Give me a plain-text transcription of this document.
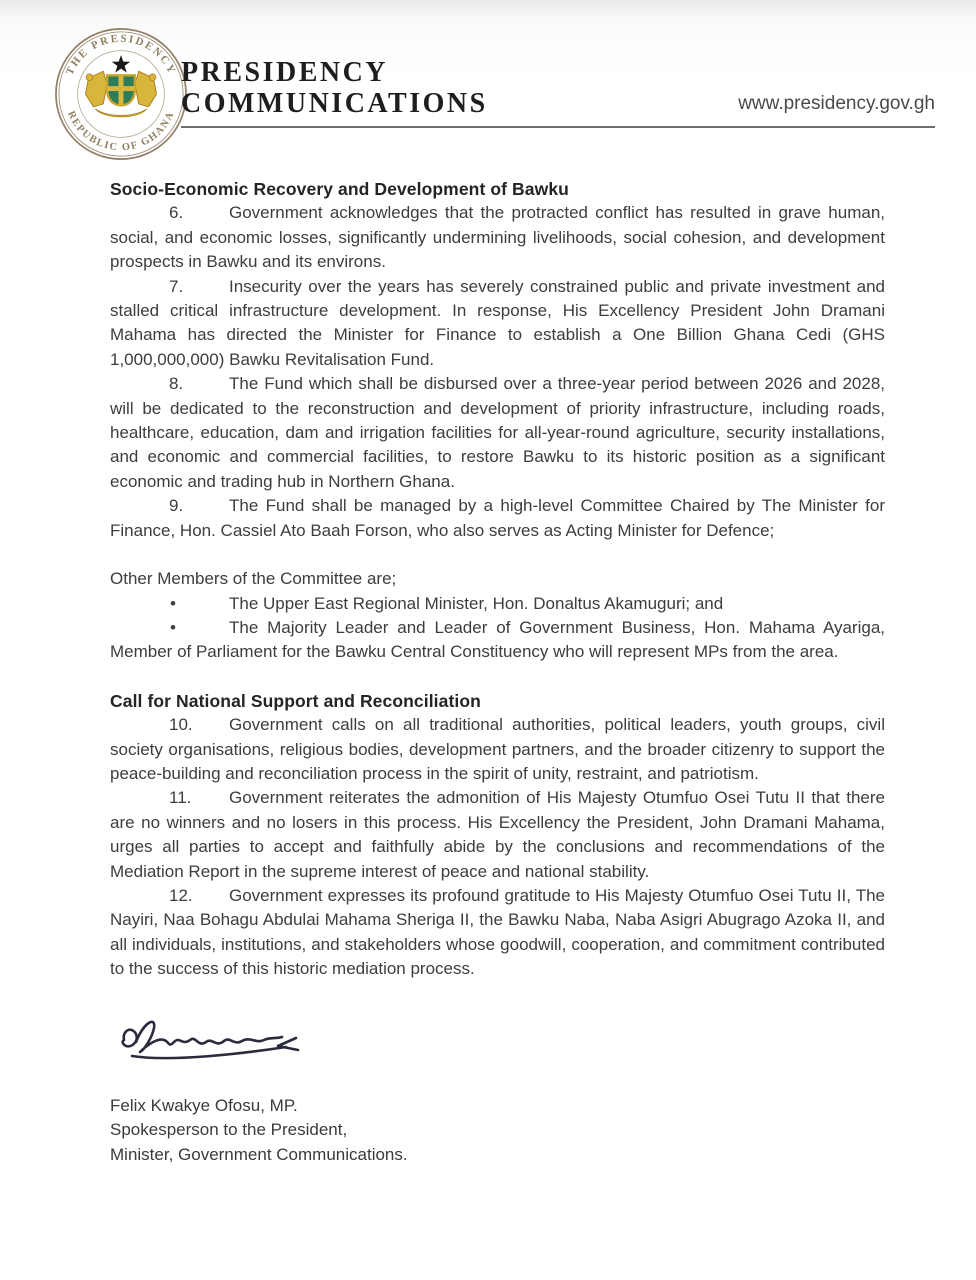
THE PRESIDENCY
REPUBLIC OF GHANA
PRESIDENCY
COMMUNICATIONS	www.presidency.gov.gh
Socio-Economic Recovery and Development of Bawku

6.	Government acknowledges that the protracted conflict has resulted in grave human, social, and economic losses, significantly undermining livelihoods, social cohesion, and development prospects in Bawku and its environs.

7.	Insecurity over the years has severely constrained public and private investment and stalled critical infrastructure development. In response, His Excellency President John Dramani Mahama has directed the Minister for Finance to establish a One Billion Ghana Cedi (GHS 1,000,000,000) Bawku Revitalisation Fund.

8.	The Fund which shall be disbursed over a three-year period between 2026 and 2028, will be dedicated to the reconstruction and development of priority infrastructure, including roads, healthcare, education, dam and irrigation facilities for all-year-round agriculture, security installations, and economic and commercial facilities, to restore Bawku to its historic position as a significant economic and trading hub in Northern Ghana.

9.	The Fund shall be managed by a high-level Committee Chaired by The Minister for Finance, Hon. Cassiel Ato Baah Forson, who also serves as Acting Minister for Defence;

Other Members of the Committee are;

•	The Upper East Regional Minister, Hon. Donaltus Akamuguri; and

•	The Majority Leader and Leader of Government Business, Hon. Mahama Ayariga, Member of Parliament for the Bawku Central Constituency who will represent MPs from the area.

Call for National Support and Reconciliation

10. Government calls on all traditional authorities, political leaders, youth groups, civil society organisations, religious bodies, development partners, and the broader citizenry to support the peace-building and reconciliation process in the spirit of unity, restraint, and patriotism.

11. Government reiterates the admonition of His Majesty Otumfuo Osei Tutu II that there are no winners and no losers in this process. His Excellency the President, John Dramani Mahama, urges all parties to accept and faithfully abide by the conclusions and recommendations of the Mediation Report in the supreme interest of peace and national stability.

12. Government expresses its profound gratitude to His Majesty Otumfuo Osei Tutu II, The Nayiri, Naa Bohagu Abdulai Mahama Sheriga II, the Bawku Naba, Naba Asigri Abugrago Azoka II, and all individuals, institutions, and stakeholders whose goodwill, cooperation, and commitment contributed to the success of this historic mediation process.

Felix Kwakye Ofosu, MP.
Spokesperson to the President,
Minister, Government Communications.
